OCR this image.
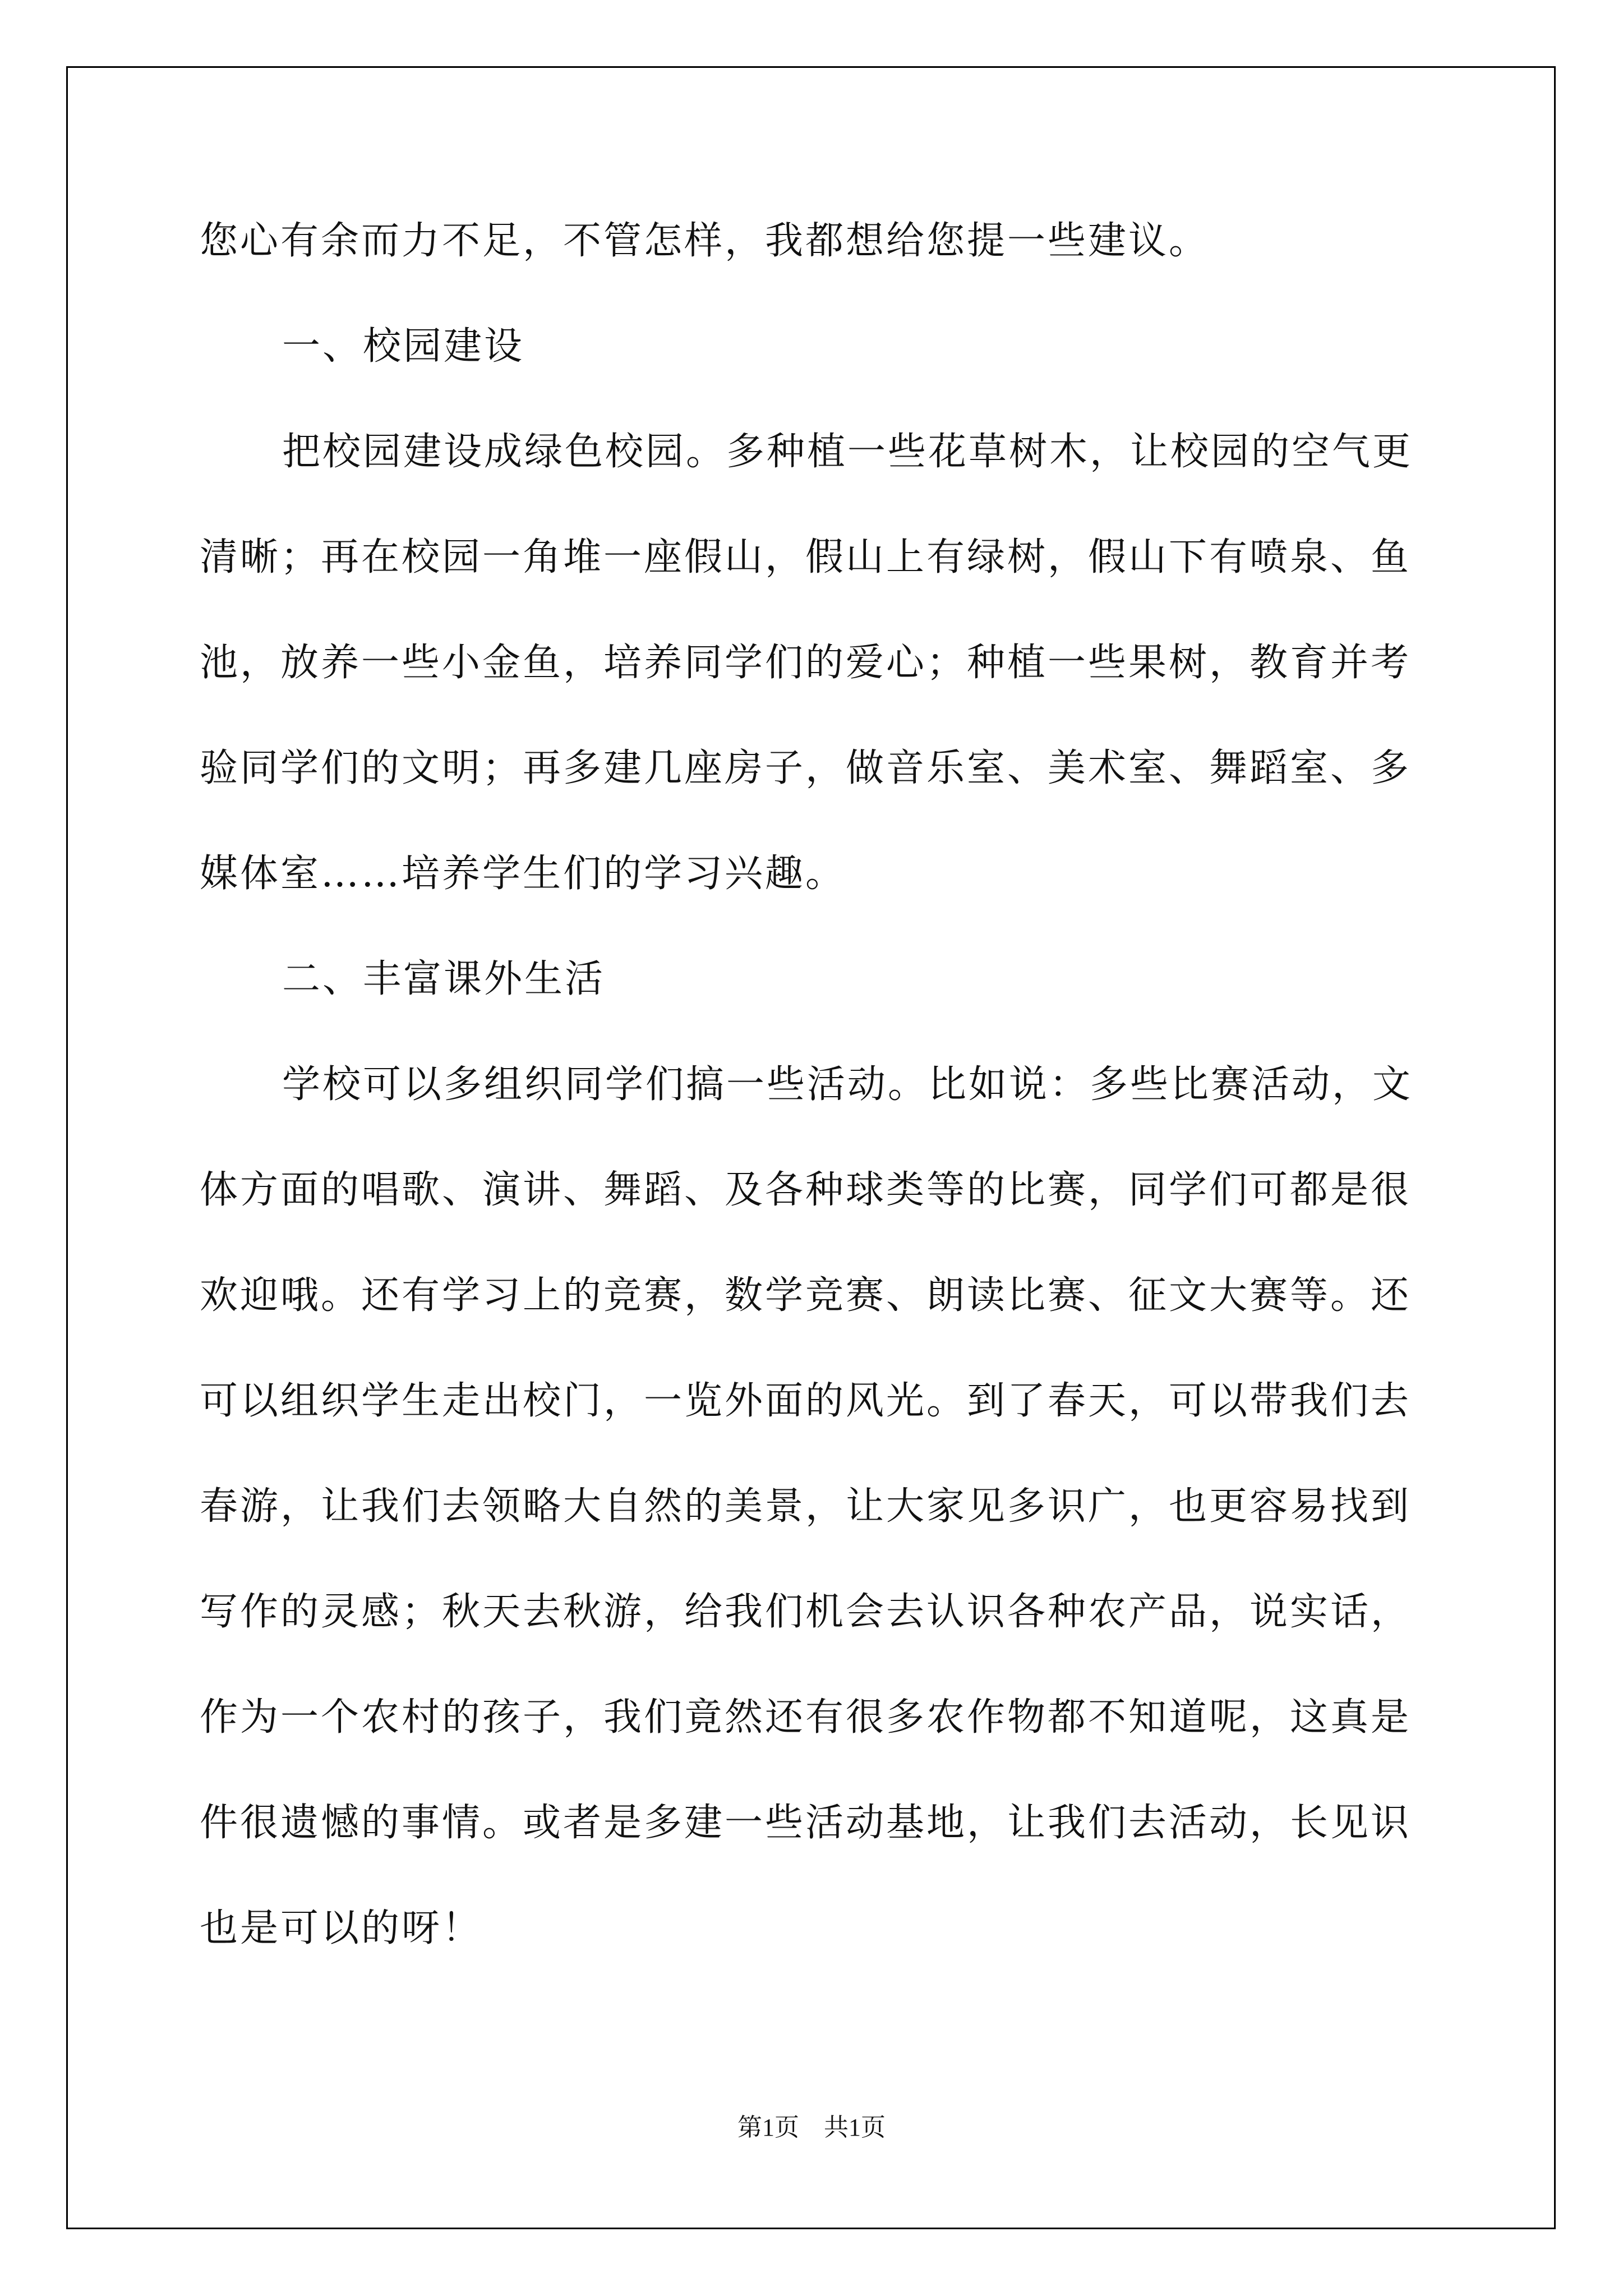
您心有余而力不足，不管怎样，我都想给您提一些建议。

一、校园建设

把校园建设成绿色校园。多种植一些花草树木，让校园的空气更

清晰；再在校园一角堆一座假山，假山上有绿树，假山下有喷泉、鱼

池，放养一些小金鱼，培养同学们的爱心；种植一些果树，教育并考

验同学们的文明；再多建几座房子，做音乐室、美术室、舞蹈室、多

媒体室……培养学生们的学习兴趣。

二、丰富课外生活

学校可以多组织同学们搞一些活动。比如说：多些比赛活动，文

体方面的唱歌、演讲、舞蹈、及各种球类等的比赛，同学们可都是很

欢迎哦。还有学习上的竞赛，数学竞赛、朗读比赛、征文大赛等。还

可以组织学生走出校门，一览外面的风光。到了春天，可以带我们去

春游，让我们去领略大自然的美景，让大家见多识广，也更容易找到

写作的灵感；秋天去秋游，给我们机会去认识各种农产品，说实话，

作为一个农村的孩子，我们竟然还有很多农作物都不知道呢，这真是

件很遗憾的事情。或者是多建一些活动基地，让我们去活动，长见识

也是可以的呀！

第1页　共1页
